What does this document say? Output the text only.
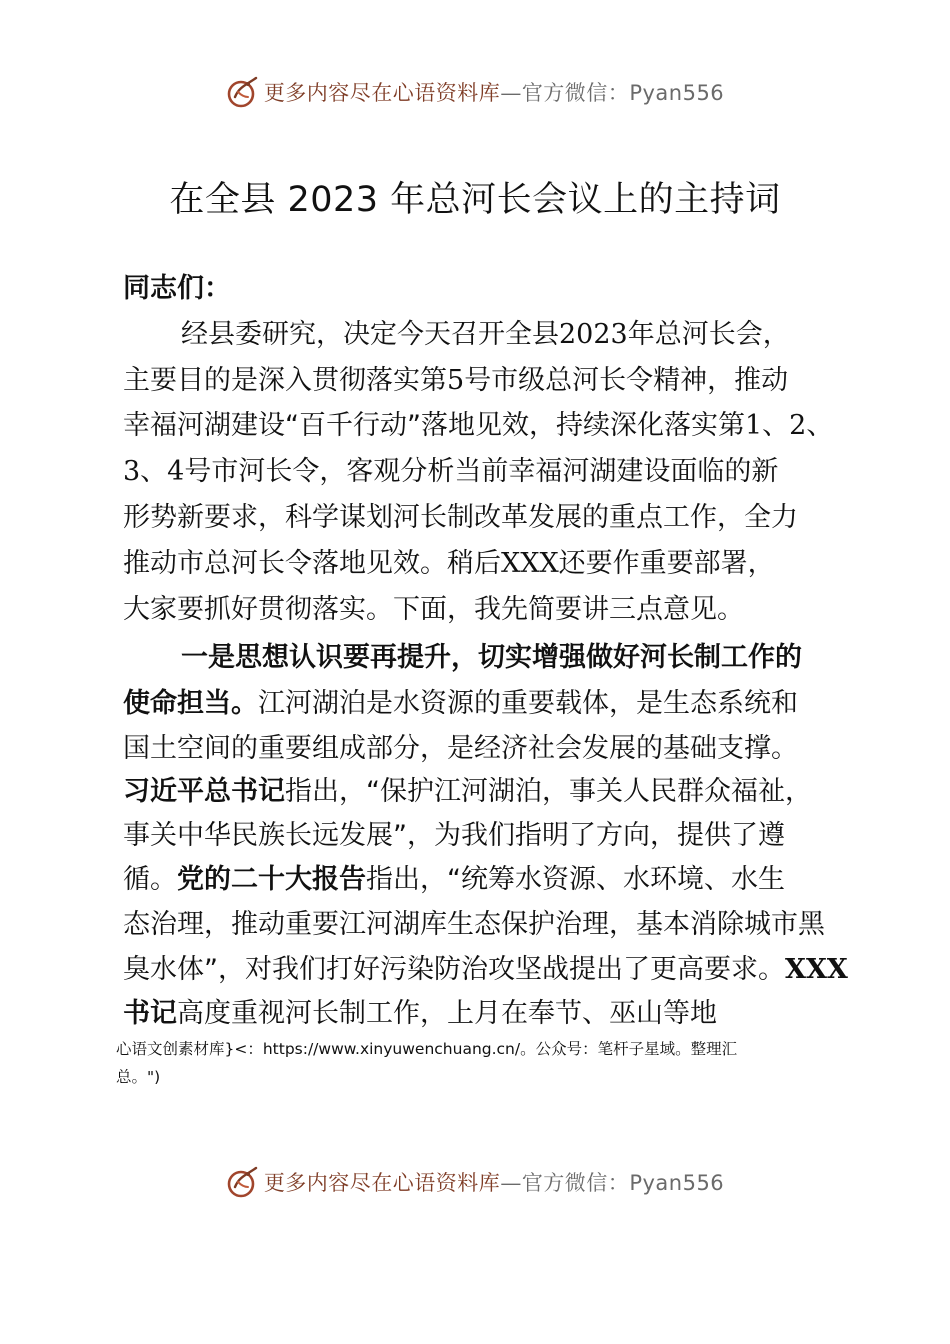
更多内容尽在心语资料库—官方微信：Pyan556
在全县 2023 年总河长会议上的主持词
同志们：
经县委研究，决定今天召开全县2023年总河长会，
主要目的是深入贯彻落实第5号市级总河长令精神，推动
幸福河湖建设“百千行动”落地见效，持续深化落实第1、2、
3、4号市河长令，客观分析当前幸福河湖建设面临的新
形势新要求，科学谋划河长制改革发展的重点工作，全力
推动市总河长令落地见效。稍后XXX还要作重要部署，
大家要抓好贯彻落实。下面，我先简要讲三点意见。
一是思想认识要再提升，切实增强做好河长制工作的
使命担当。江河湖泊是水资源的重要载体，是生态系统和
国土空间的重要组成部分，是经济社会发展的基础支撑。
习近平总书记指出，“保护江河湖泊，事关人民群众福祉，
事关中华民族长远发展”，为我们指明了方向，提供了遵
循。党的二十大报告指出，“统筹水资源、水环境、水生
态治理，推动重要江河湖库生态保护治理，基本消除城市黑
臭水体”，对我们打好污染防治攻坚战提出了更高要求。XXX
书记高度重视河长制工作，上月在奉节、巫山等地
心语文创素材库}<：https://www.xinyuwenchuang.cn/。公众号：笔杆子星域。整理汇
总。")
更多内容尽在心语资料库—官方微信：Pyan556
